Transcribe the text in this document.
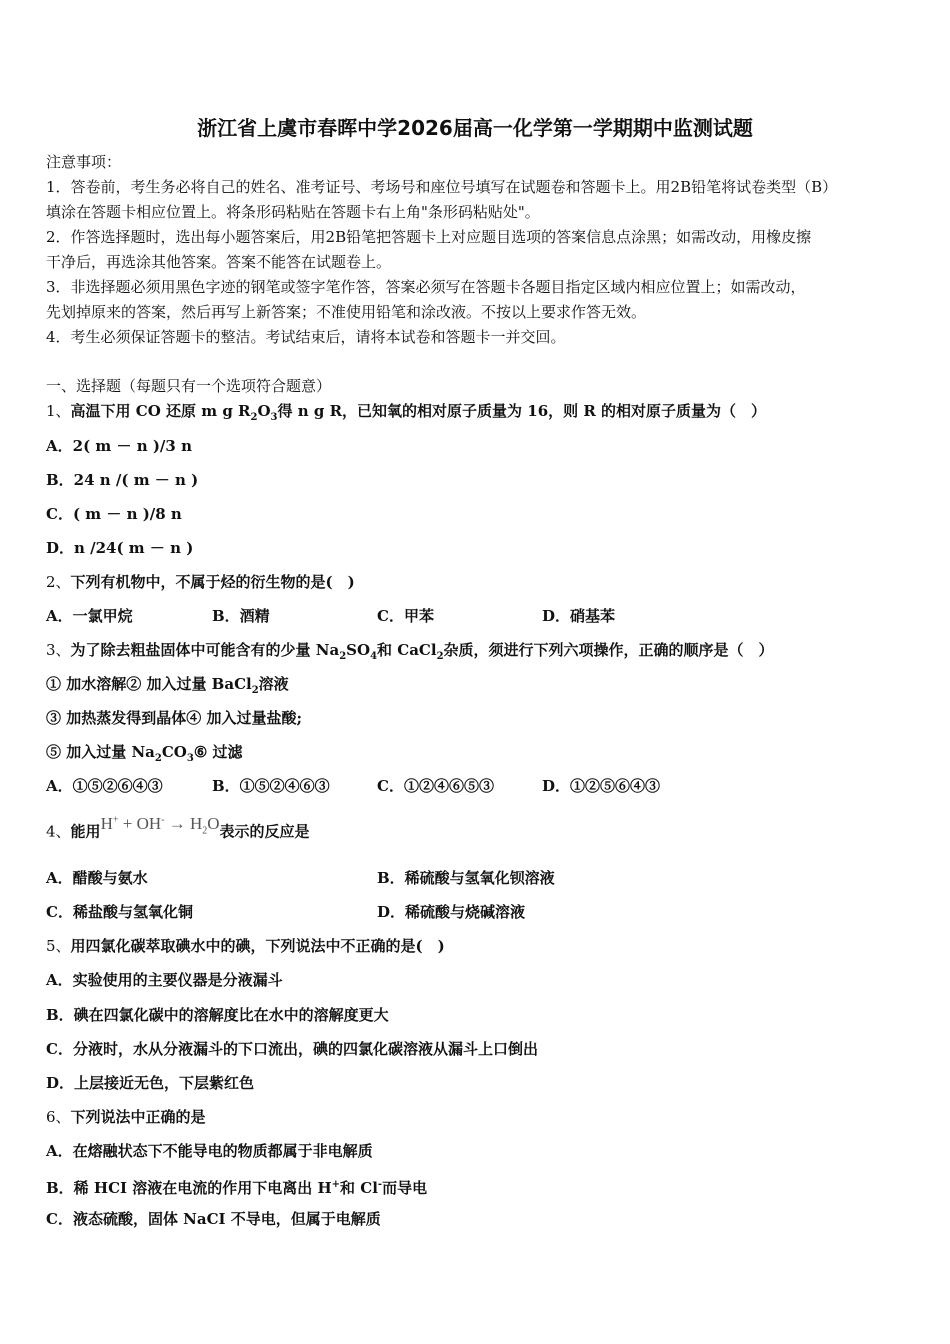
浙江省上虞市春晖中学2026届高一化学第一学期期中监测试题
注意事项：
1．答卷前，考生务必将自己的姓名、准考证号、考场号和座位号填写在试题卷和答题卡上。用2B铅笔将试卷类型（B）
填涂在答题卡相应位置上。将条形码粘贴在答题卡右上角"条形码粘贴处"。
2．作答选择题时，选出每小题答案后，用2B铅笔把答题卡上对应题目选项的答案信息点涂黑；如需改动，用橡皮擦
干净后，再选涂其他答案。答案不能答在试题卷上。
3．非选择题必须用黑色字迹的钢笔或签字笔作答，答案必须写在答题卡各题目指定区域内相应位置上；如需改动，
先划掉原来的答案，然后再写上新答案；不准使用铅笔和涂改液。不按以上要求作答无效。
4．考生必须保证答题卡的整洁。考试结束后，请将本试卷和答题卡一并交回。
一、选择题（每题只有一个选项符合题意）
1、高温下用 CO 还原 m g $R_2O_3$得 n g R，已知氧的相对原子质量为 16，则 R 的相对原子质量为（　）
A．2( m － n )/3 n
B．24 n /( m － n )
C．( m － n )/8 n
D．n /24( m － n )
2、下列有机物中，不属于烃的衍生物的是(　)
A．一氯甲烷	B．酒精	C．甲苯	D．硝基苯
3、为了除去粗盐固体中可能含有的少量 $Na_2SO_4$和 CaCl$_2$杂质，须进行下列六项操作，正确的顺序是（　）
① 加水溶解② 加入过量 BaCl$_2$溶液
③ 加热蒸发得到晶体④ 加入过量盐酸;
⑤ 加入过量 $Na_2CO_3⑥$ 过滤
A．①⑤②⑥④③	B．①⑤②④⑥③	C．①②④⑥⑤③	D．①②⑤⑥④③
4、能用$H^+ + OH^- \to H_2O$表示的反应是
A．醋酸与氨水	B．稀硫酸与氢氧化钡溶液
C．稀盐酸与氢氧化铜	D．稀硫酸与烧碱溶液
5、用四氯化碳萃取碘水中的碘，下列说法中不正确的是(　)
A．实验使用的主要仪器是分液漏斗
B．碘在四氯化碳中的溶解度比在水中的溶解度更大
C．分液时，水从分液漏斗的下口流出，碘的四氯化碳溶液从漏斗上口倒出
D．上层接近无色，下层紫红色
6、下列说法中正确的是
A．在熔融状态下不能导电的物质都属于非电解质
B．稀 HCI 溶液在电流的作用下电离出 H+和 Cl-而导电
C．液态硫酸，固体 NaCI 不导电，但属于电解质
